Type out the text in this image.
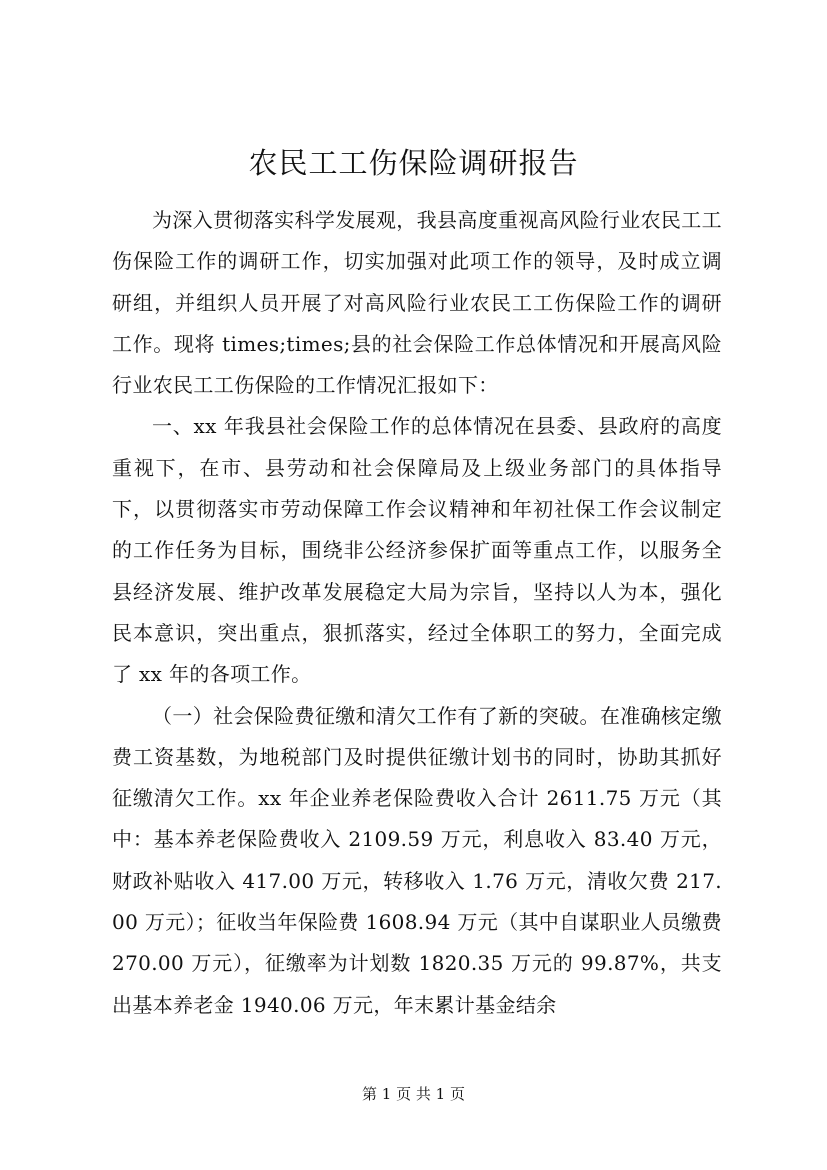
农民工工伤保险调研报告

为深入贯彻落实科学发展观，我县高度重视高风险行业农民工工伤保险工作的调研工作，切实加强对此项工作的领导，及时成立调研组，并组织人员开展了对高风险行业农民工工伤保险工作的调研工作。现将 times;times;县的社会保险工作总体情况和开展高风险行业农民工工伤保险的工作情况汇报如下：

一、xx 年我县社会保险工作的总体情况在县委、县政府的高度重视下，在市、县劳动和社会保障局及上级业务部门的具体指导下，以贯彻落实市劳动保障工作会议精神和年初社保工作会议制定的工作任务为目标，围绕非公经济参保扩面等重点工作，以服务全县经济发展、维护改革发展稳定大局为宗旨，坚持以人为本，强化民本意识，突出重点，狠抓落实，经过全体职工的努力，全面完成了 xx 年的各项工作。

（一）社会保险费征缴和清欠工作有了新的突破。在准确核定缴费工资基数，为地税部门及时提供征缴计划书的同时，协助其抓好征缴清欠工作。xx 年企业养老保险费收入合计 2611.75 万元（其中：基本养老保险费收入 2109.59 万元，利息收入 83.40 万元，财政补贴收入 417.00 万元，转移收入 1.76 万元，清收欠费 217.00 万元）；征收当年保险费 1608.94 万元（其中自谋职业人员缴费 270.00 万元），征缴率为计划数 1820.35 万元的 99.87%，共支出基本养老金 1940.06 万元，年末累计基金结余

第 1 页 共 1 页
